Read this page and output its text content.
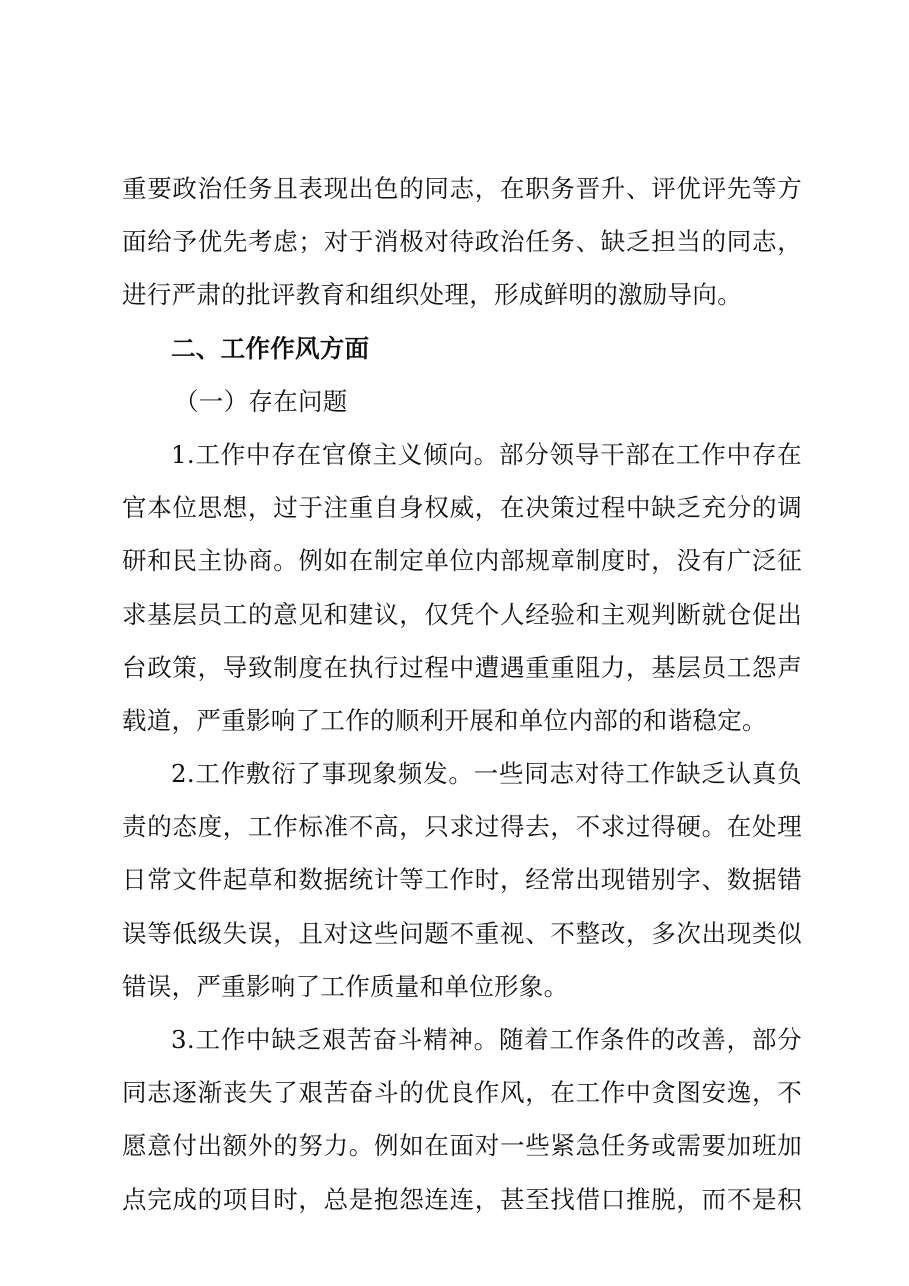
重要政治任务且表现出色的同志，在职务晋升、评优评先等方
面给予优先考虑；对于消极对待政治任务、缺乏担当的同志，
进行严肃的批评教育和组织处理，形成鲜明的激励导向。
二、工作作风方面
（一）存在问题
1.工作中存在官僚主义倾向。部分领导干部在工作中存在
官本位思想，过于注重自身权威，在决策过程中缺乏充分的调
研和民主协商。例如在制定单位内部规章制度时，没有广泛征
求基层员工的意见和建议，仅凭个人经验和主观判断就仓促出
台政策，导致制度在执行过程中遭遇重重阻力，基层员工怨声
载道，严重影响了工作的顺利开展和单位内部的和谐稳定。
2.工作敷衍了事现象频发。一些同志对待工作缺乏认真负
责的态度，工作标准不高，只求过得去，不求过得硬。在处理
日常文件起草和数据统计等工作时，经常出现错别字、数据错
误等低级失误，且对这些问题不重视、不整改，多次出现类似
错误，严重影响了工作质量和单位形象。
3.工作中缺乏艰苦奋斗精神。随着工作条件的改善，部分
同志逐渐丧失了艰苦奋斗的优良作风，在工作中贪图安逸，不
愿意付出额外的努力。例如在面对一些紧急任务或需要加班加
点完成的项目时，总是抱怨连连，甚至找借口推脱，而不是积
